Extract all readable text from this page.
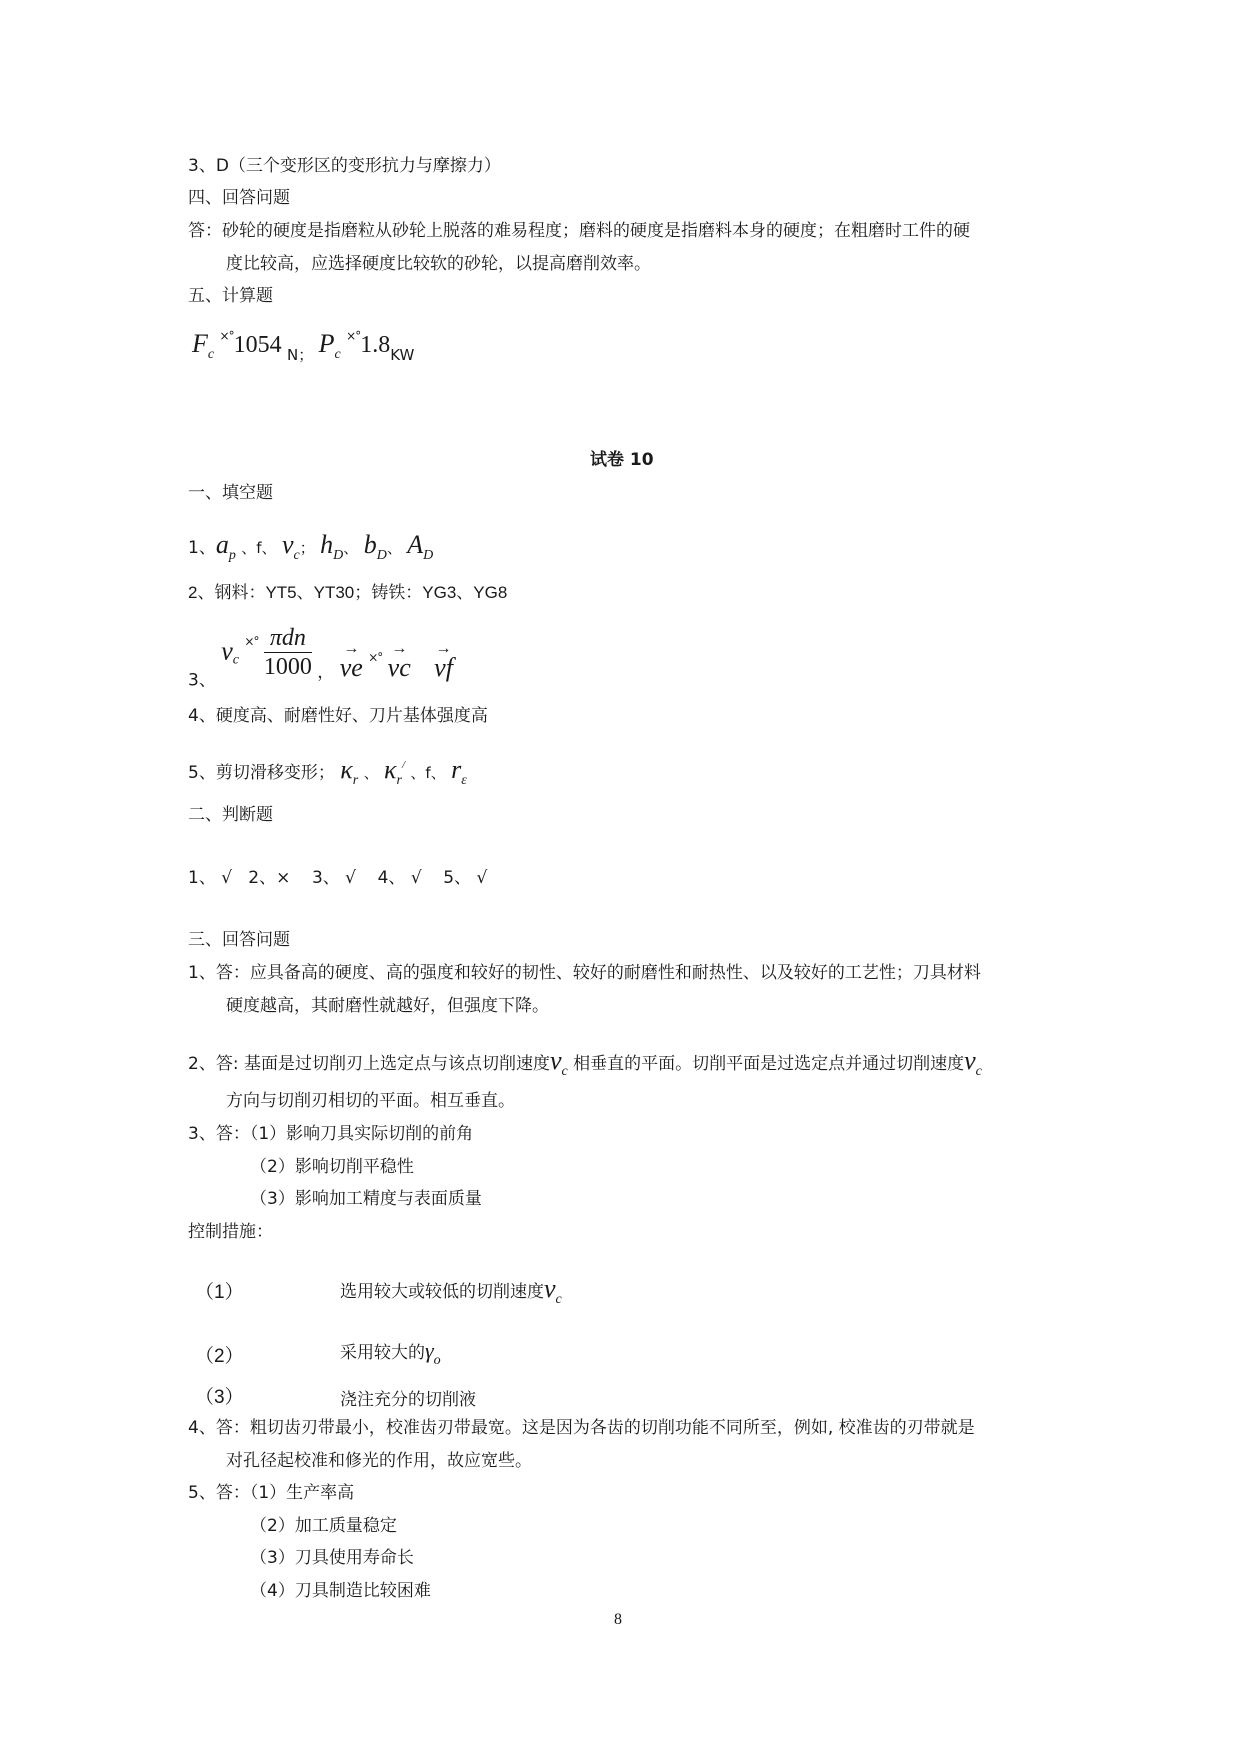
3、D（三个变形区的变形抗力与摩擦力）
四、回答问题
答：砂轮的硬度是指磨粒从砂轮上脱落的难易程度；磨料的硬度是指磨料本身的硬度；在粗磨时工件的硬
度比较高，应选择硬度比较软的砂轮，以提高磨削效率。
五、计算题
$F_c$ ×°1054 N； $P_c$ ×°1.8KW
试卷 10
一、填空题
1、$a_p$ 、f、 $v_c$； $h_D$、 $b_D$、 $A_D$
2、钢料：YT5、YT30；铸铁：YG3、YG8
3、 $v_c$ $^{\times^\circ} \frac{\text{πdn}}{1000}$ ， → ve $_{\times^\circ}$ → vc → vf
4、硬度高、耐磨性好、刀片基体强度高
5、剪切滑移变形； $\kappa_r$ 、 $\kappa_r^/$ 、f、 $r_\varepsilon$
二、判断题
1、 √   2、×    3、 √    4、 √    5、 √
三、回答问题
1、答：应具备高的硬度、高的强度和较好的韧性、较好的耐磨性和耐热性、以及较好的工艺性；刀具材料
硬度越高，其耐磨性就越好，但强度下降。
2、答: 基面是过切削刃上选定点与该点切削速度$v_c$ 相垂直的平面。切削平面是过选定点并通过切削速度$v_c$
方向与切削刃相切的平面。相互垂直。
3、答：（1）影响刀具实际切削的前角
（2）影响切削平稳性
（3）影响加工精度与表面质量
控制措施：
（1）	选用较大或较低的切削速度$v_c$
（2）	采用较大的$\gamma_o$
（3）	浇注充分的切削液
4、答：粗切齿刃带最小，校准齿刃带最宽。这是因为各齿的切削功能不同所至，例如, 校准齿的刃带就是
对孔径起校准和修光的作用，故应宽些。
5、答：（1）生产率高
（2）加工质量稳定
（3）刀具使用寿命长
（4）刀具制造比较困难
8
